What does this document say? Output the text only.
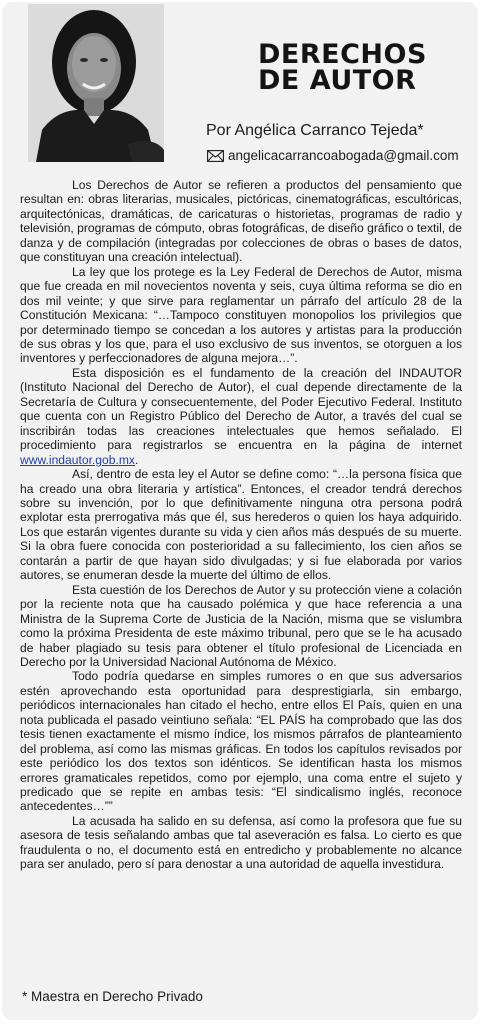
DERECHOS
DE AUTOR
Por Angélica Carranco Tejeda*
angelicacarrancoabogada@gmail.com

Los Derechos de Autor se refieren a productos del pensamiento que resultan en: obras literarias, musicales, pictóricas, cinematográficas, escultóricas, arquitectónicas, dramáticas, de caricaturas o historietas, programas de radio y televisión, programas de cómputo, obras fotográficas, de diseño gráfico o textil, de danza y de compilación (integradas por colecciones de obras o bases de datos, que constituyan una creación intelectual).

La ley que los protege es la Ley Federal de Derechos de Autor, misma que fue creada en mil novecientos noventa y seis, cuya última reforma se dio en dos mil veinte; y que sirve para reglamentar un párrafo del artículo 28 de la Constitución Mexicana: “…Tampoco constituyen monopolios los privilegios que por determinado tiempo se concedan a los autores y artistas para la producción de sus obras y los que, para el uso exclusivo de sus inventos, se otorguen a los inventores y perfeccionadores de alguna mejora…”.

Esta disposición es el fundamento de la creación del INDAUTOR (Instituto Nacional del Derecho de Autor), el cual depende directamente de la Secretaría de Cultura y consecuentemente, del Poder Ejecutivo Federal. Instituto que cuenta con un Registro Público del Derecho de Autor, a través del cual se inscribirán todas las creaciones intelectuales que hemos señalado. El procedimiento para registrarlos se encuentra en la página de internet www.indautor.gob.mx.

Así, dentro de esta ley el Autor se define como: “…la persona física que ha creado una obra literaria y artística”. Entonces, el creador tendrá derechos sobre su invención, por lo que definitivamente ninguna otra persona podrá explotar esta prerrogativa más que él, sus herederos o quien los haya adquirido. Los que estarán vigentes durante su vida y cien años más después de su muerte. Si la obra fuere conocida con posterioridad a su fallecimiento, los cien años se contarán a partir de que hayan sido divulgadas; y si fue elaborada por varios autores, se enumeran desde la muerte del último de ellos.

Esta cuestión de los Derechos de Autor y su protección viene a colación por la reciente nota que ha causado polémica y que hace referencia a una Ministra de la Suprema Corte de Justicia de la Nación, misma que se vislumbra como la próxima Presidenta de este máximo tribunal, pero que se le ha acusado de haber plagiado su tesis para obtener el título profesional de Licenciada en Derecho por la Universidad Nacional Autónoma de México.

Todo podría quedarse en simples rumores o en que sus adversarios estén aprovechando esta oportunidad para desprestigiarla, sin embargo, periódicos internacionales han citado el hecho, entre ellos El País, quien en una nota publicada el pasado veintiuno señala: “EL PAÍS ha comprobado que las dos tesis tienen exactamente el mismo índice, los mismos párrafos de planteamiento del problema, así como las mismas gráficas. En todos los capítulos revisados por este periódico los dos textos son idénticos. Se identifican hasta los mismos errores gramaticales repetidos, como por ejemplo, una coma entre el sujeto y predicado que se repite en ambas tesis: “El sindicalismo inglés, reconoce antecedentes…””

La acusada ha salido en su defensa, así como la profesora que fue su asesora de tesis señalando ambas que tal aseveración es falsa. Lo cierto es que fraudulenta o no, el documento está en entredicho y probablemente no alcance para ser anulado, pero sí para denostar a una autoridad de aquella investidura.

* Maestra en Derecho Privado
